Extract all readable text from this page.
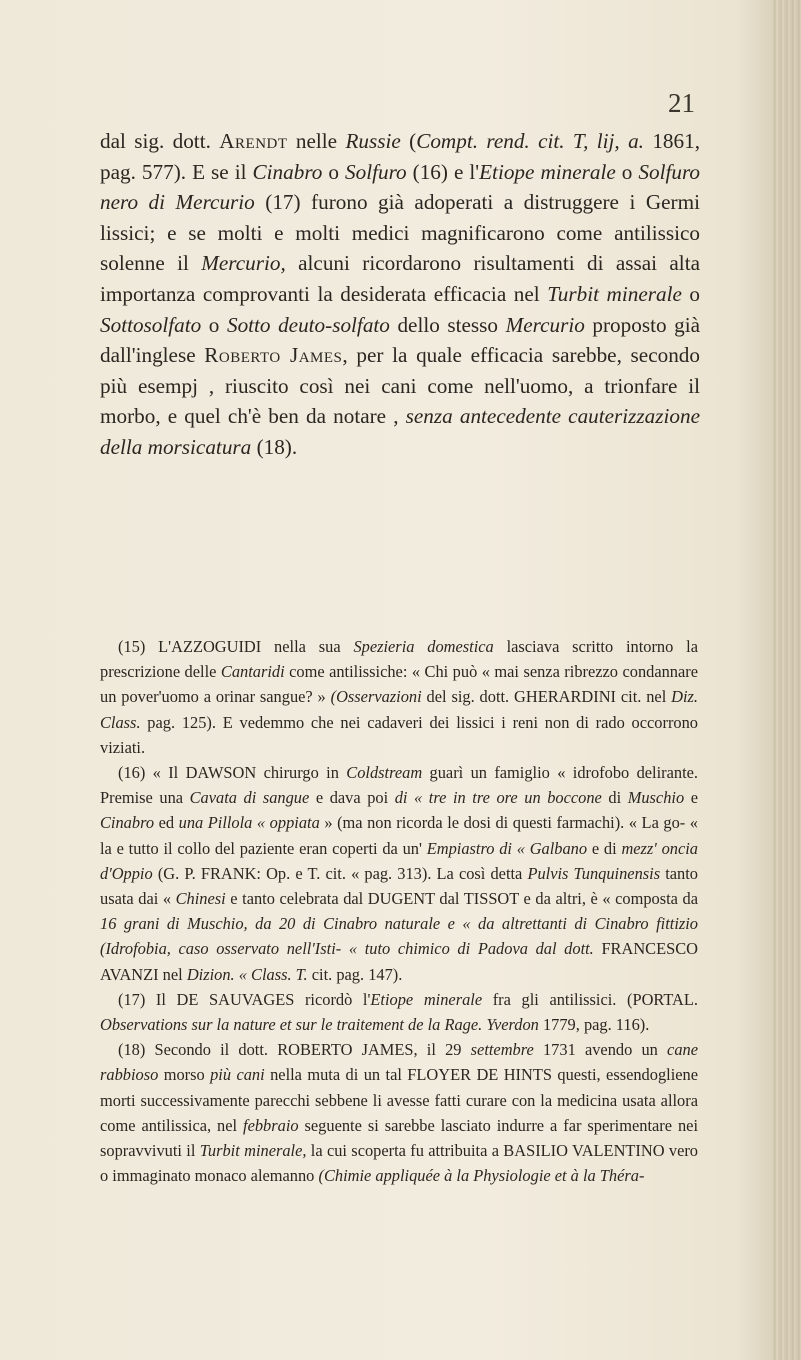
21

dal sig. dott. Arendt nelle Russie (Compt. rend. cit. T, lij, a. 1861, pag. 577). E se il Cinabro o Solfuro (16) e l'Etiope minerale o Solfuro nero di Mercurio (17) furono già adoperati a distruggere i Germi lissici; e se molti e molti medici magnificarono come antilissico solenne il Mercurio, alcuni ricordarono risultamenti di assai alta importanza comprovanti la desiderata efficacia nel Turbit minerale o Sottosolfato o Sotto deuto-solfato dello stesso Mercurio proposto già dall'inglese Roberto James, per la quale efficacia sarebbe, secondo più esempj , riuscito così nei cani come nell'uomo, a trionfare il morbo, e quel ch'è ben da notare , senza antecedente cauterizzazione della morsicatura (18).

(15) L'AZZOGUIDI nella sua Spezieria domestica lasciava scritto intorno la prescrizione delle Cantaridi come antilissiche: « Chi può « mai senza ribrezzo condannare un pover'uomo a orinar sangue? » (Osservazioni del sig. dott. GHERARDINI cit. nel Diz. Class. pag. 125). E vedemmo che nei cadaveri dei lissici i reni non di rado occorrono viziati.

(16) « Il DAWSON chirurgo in Coldstream guarì un famiglio « idrofobo delirante. Premise una Cavata di sangue e dava poi di « tre in tre ore un boccone di Muschio e Cinabro ed una Pillola « oppiata » (ma non ricorda le dosi di questi farmachi). « La go- « la e tutto il collo del paziente eran coperti da un' Empiastro di « Galbano e di mezz' oncia d'Oppio (G. P. FRANK: Op. e T. cit. « pag. 313). La così detta Pulvis Tunquinensis tanto usata dai « Chinesi e tanto celebrata dal DUGENT dal TISSOT e da altri, è « composta da 16 grani di Muschio, da 20 di Cinabro naturale e « da altrettanti di Cinabro fittizio (Idrofobia, caso osservato nell'Isti- « tuto chimico di Padova dal dott. FRANCESCO AVANZI nel Dizion. « Class. T. cit. pag. 147).

(17) Il DE SAUVAGES ricordò l'Etiope minerale fra gli antilissici. (PORTAL. Observations sur la nature et sur le traitement de la Rage. Yverdon 1779, pag. 116).

(18) Secondo il dott. ROBERTO JAMES, il 29 settembre 1731 avendo un cane rabbioso morso più cani nella muta di un tal FLOYER DE HINTS questi, essendogliene morti successivamente parecchi sebbene li avesse fatti curare con la medicina usata allora come antilissica, nel febbraio seguente si sarebbe lasciato indurre a far sperimentare nei sopravvivuti il Turbit minerale, la cui scoperta fu attribuita a BASILIO VALENTINO vero o immaginato monaco alemanno (Chimie appliquée à la Physiologie et à la Théra-
